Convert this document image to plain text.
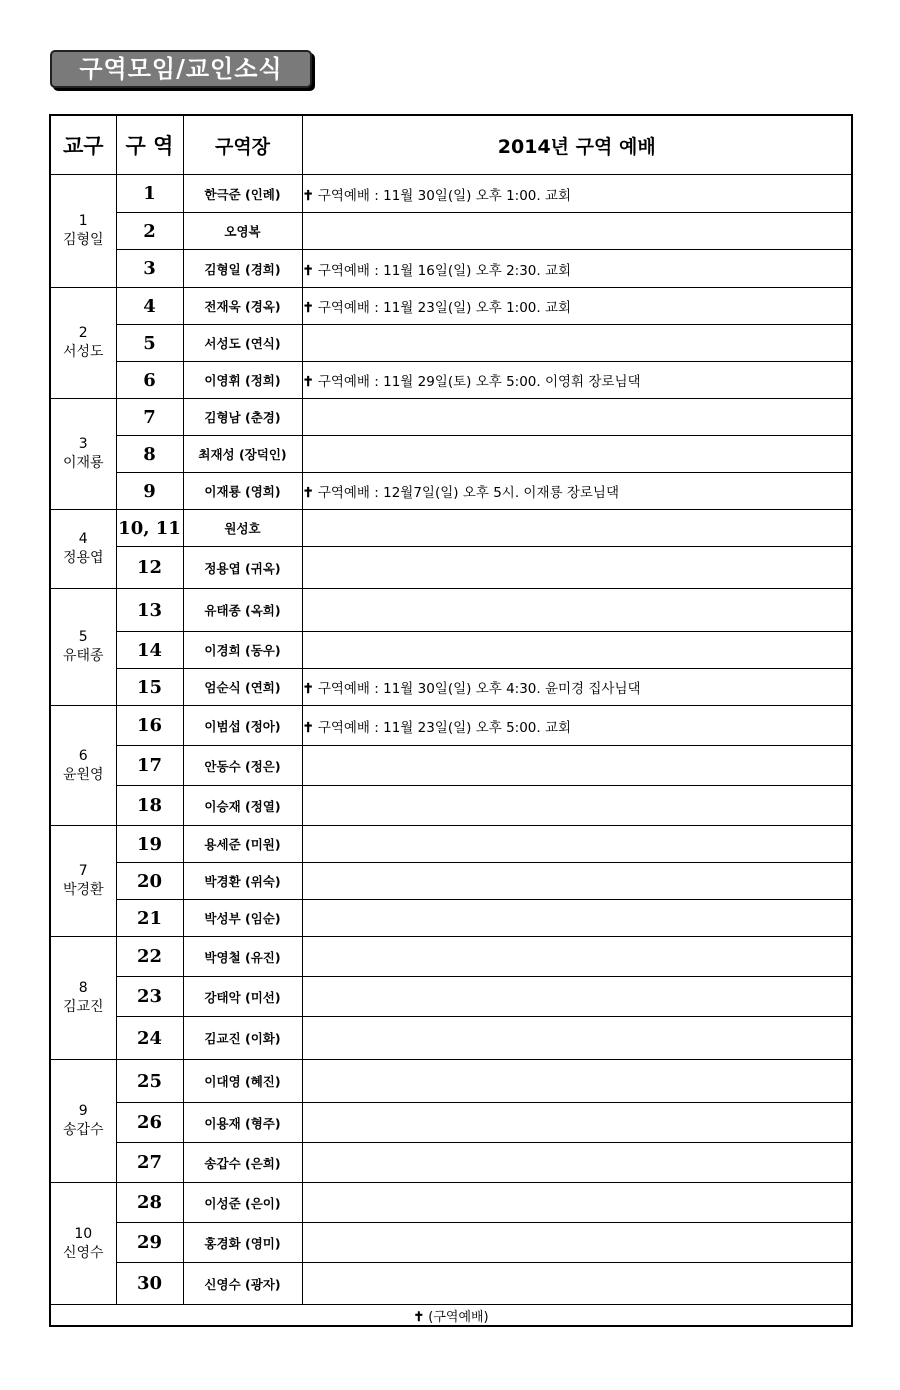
구역모임/교인소식
교구	구 역	구역장	2014년 구역 예배

1
김형일	1	한극준 (인례)	✝ 구역예배 : 11월 30일(일) 오후 1:00. 교회
	2	오영복	
	3	김형일 (경희)	✝ 구역예배 : 11월 16일(일) 오후 2:30. 교회

2
서성도	4	전재욱 (경옥)	✝ 구역예배 : 11월 23일(일) 오후 1:00. 교회
	5	서성도 (연식)	
	6	이영휘 (정희)	✝ 구역예배 : 11월 29일(토) 오후 5:00. 이영휘 장로님댁

3
이재룡	7	김형남 (춘경)	
	8	최재성 (장덕인)	
	9	이재룡 (영희)	✝ 구역예배 : 12월7일(일) 오후 5시. 이재룡 장로님댁

4
정용엽	10, 11	원성호	
	12	정용엽 (귀옥)	

5
유태종	13	유태종 (옥희)	
	14	이경희 (동우)	
	15	엄순식 (연희)	✝ 구역예배 : 11월 30일(일) 오후 4:30. 윤미경 집사님댁

6
윤원영	16	이범섭 (정아)	✝ 구역예배 : 11월 23일(일) 오후 5:00. 교회
	17	안동수 (정은)	
	18	이승재 (정열)	

7
박경환	19	용세준 (미원)	
	20	박경환 (위숙)	
	21	박성부 (임순)	

8
김교진	22	박영철 (유진)	
	23	강태악 (미선)	
	24	김교진 (이화)	

9
송갑수	25	이대영 (혜진)	
	26	이용재 (형주)	
	27	송갑수 (은희)	

10
신영수	28	이성준 (은이)	
	29	홍경화 (영미)	
	30	신영수 (광자)	
✝ (구역예배)			
